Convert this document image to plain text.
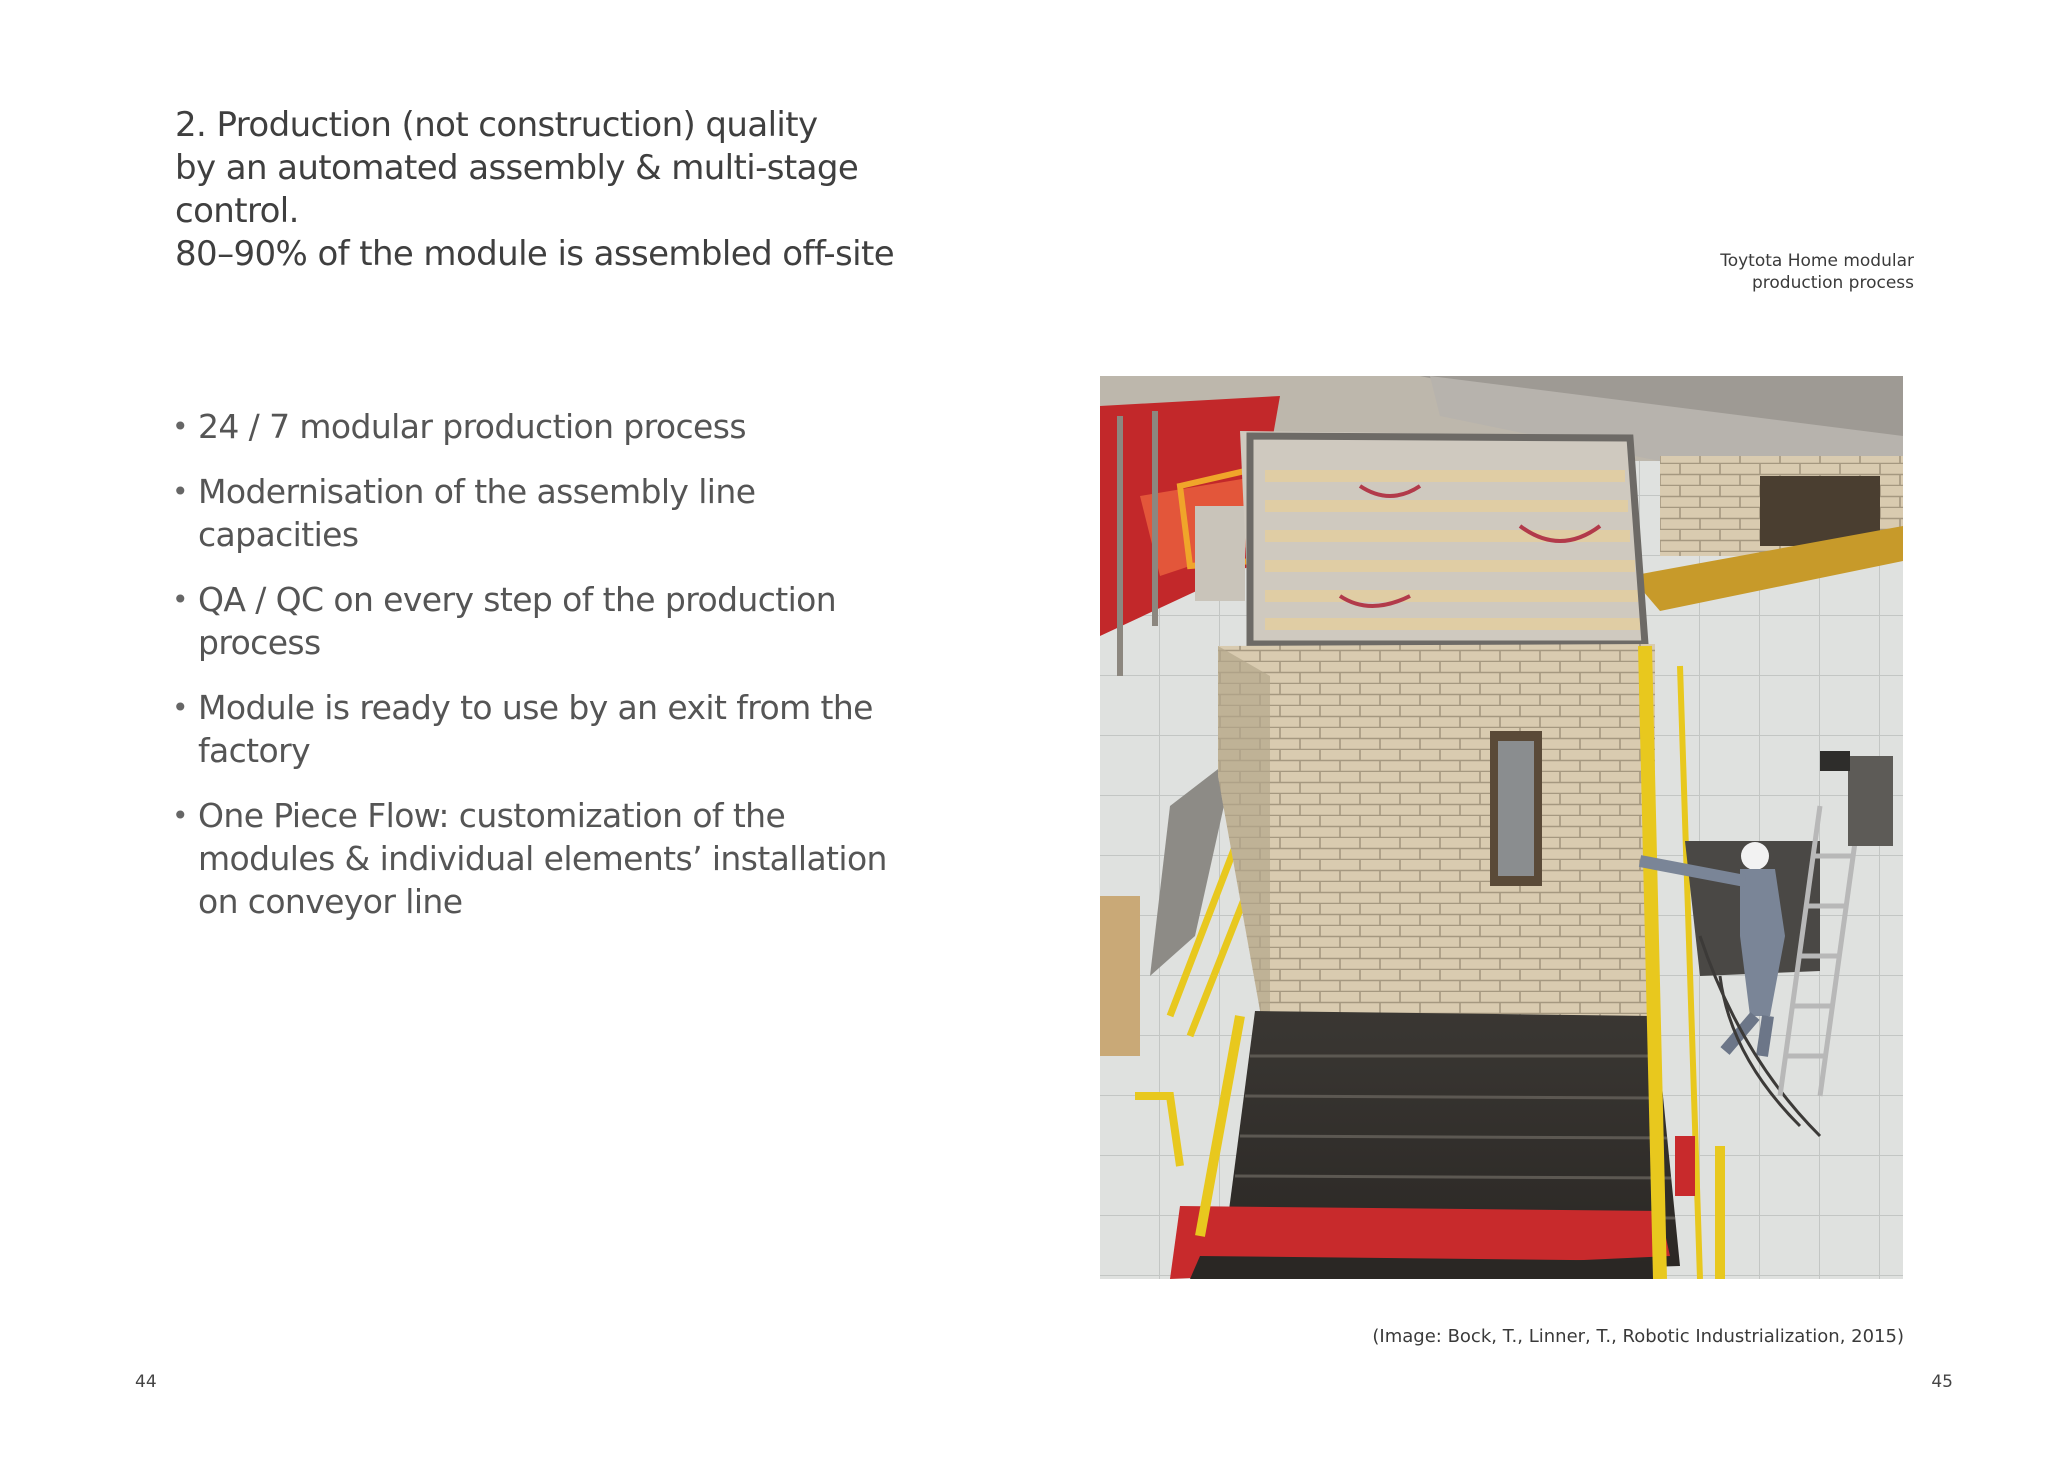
2. Production (not construction) quality
by an automated assembly & multi-stage
control.
80–90% of the module is assembled off-site	Toytota Home modular
production process
• 24 / 7 modular production process
• Modernisation of the assembly line
capacities
• QA / QC on every step of the production
process
• Module is ready to use by an exit from the
factory
• One Piece Flow: customization of the
modules & individual elements’ installation
on conveyor line
(Image: Bock, T., Linner, T., Robotic Industrialization, 2015)
44	45
